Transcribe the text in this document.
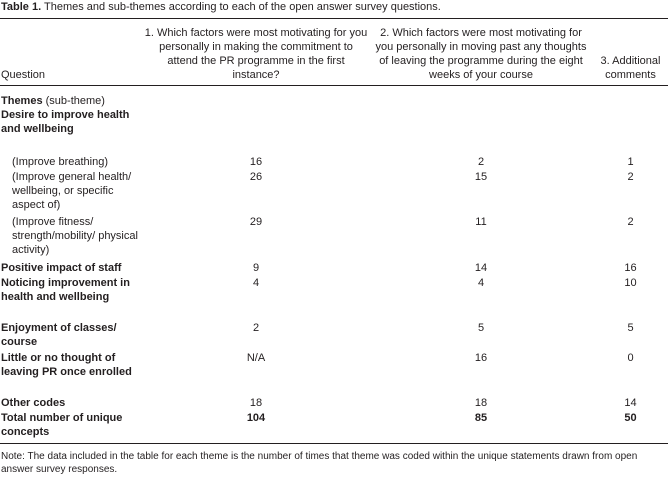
Table 1. Themes and sub-themes according to each of the open answer survey questions.
Question
1. Which factors were most motivating for you personally in making the commitment to attend the PR programme in the first instance?
2. Which factors were most motivating for you personally in moving past any thoughts of leaving the programme during the eight weeks of your course
3. Additional comments
Themes (sub-theme)
Desire to improve health and wellbeing
(Improve breathing)	16	2	1
(Improve general health/ wellbeing, or specific aspect of)
26	15	2
(Improve fitness/ strength/mobility/ physical activity)
29	11	2
Positive impact of staff	9	14	16
Noticing improvement in health and wellbeing
4	4	10
Enjoyment of classes/ course
2	5	5
Little or no thought of leaving PR once enrolled
N/A	16	0
Other codes	18	18	14
Total number of unique concepts
104	85	50
Note: The data included in the table for each theme is the number of times that theme was coded within the unique statements drawn from open answer survey responses.
